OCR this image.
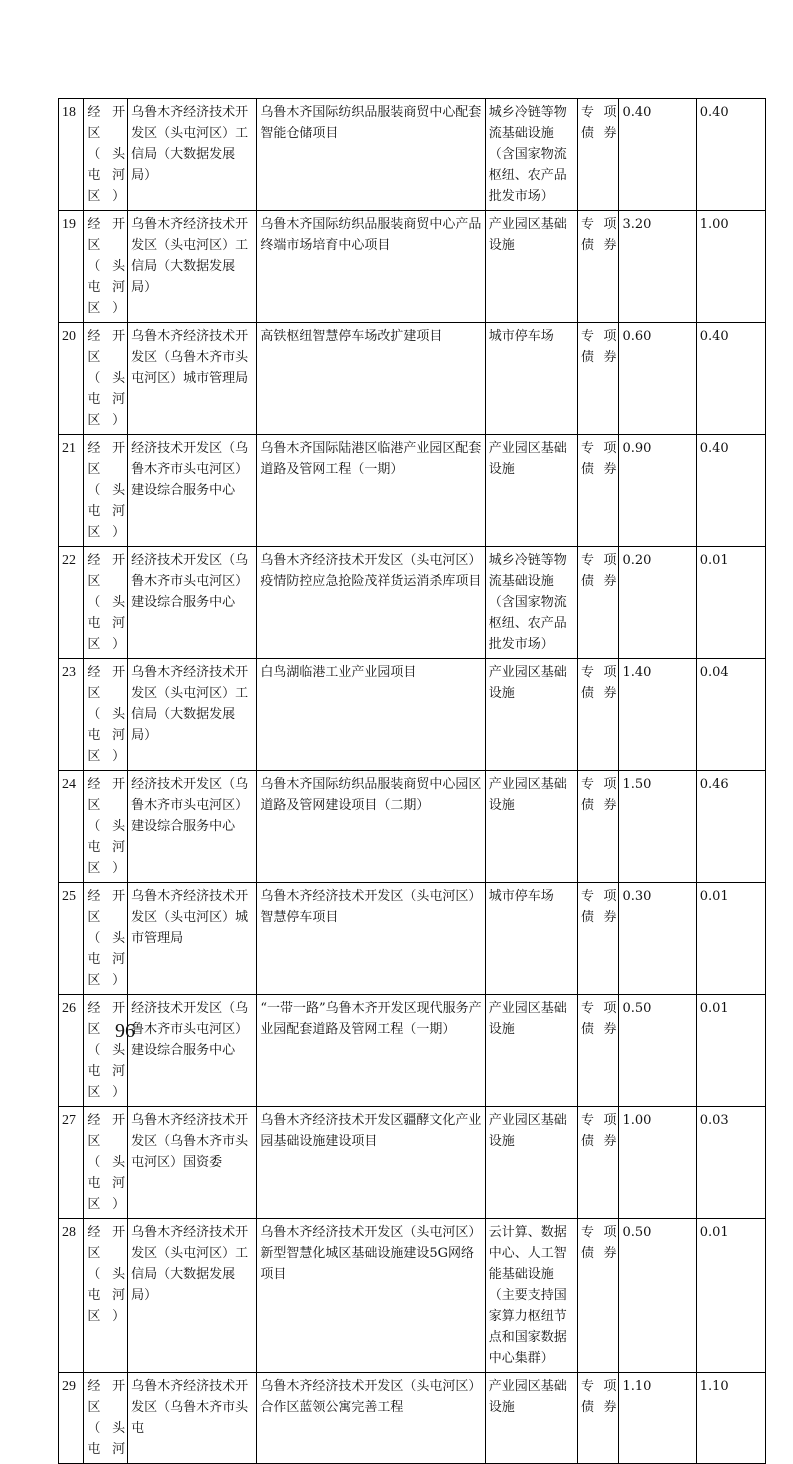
18	经开区（头屯河区）	乌鲁木齐经济技术开发区（头屯河区）工信局（大数据发展局）	乌鲁木齐国际纺织品服装商贸中心配套智能仓储项目	城乡冷链等物流基础设施（含国家物流枢纽、农产品批发市场）	专项债券	0.40	0.40
19	经开区（头屯河区）	乌鲁木齐经济技术开发区（头屯河区）工信局（大数据发展局）	乌鲁木齐国际纺织品服装商贸中心产品终端市场培育中心项目	产业园区基础设施	专项债券	3.20	1.00
20	经开区（头屯河区）	乌鲁木齐经济技术开发区（乌鲁木齐市头屯河区）城市管理局	高铁枢纽智慧停车场改扩建项目	城市停车场	专项债券	0.60	0.40
21	经开区（头屯河区）	经济技术开发区（乌鲁木齐市头屯河区）建设综合服务中心	乌鲁木齐国际陆港区临港产业园区配套道路及管网工程（一期）	产业园区基础设施	专项债券	0.90	0.40
22	经开区（头屯河区）	经济技术开发区（乌鲁木齐市头屯河区）建设综合服务中心	乌鲁木齐经济技术开发区（头屯河区）疫情防控应急抢险茂祥货运消杀库项目	城乡冷链等物流基础设施（含国家物流枢纽、农产品批发市场）	专项债券	0.20	0.01
23	经开区（头屯河区）	乌鲁木齐经济技术开发区（头屯河区）工信局（大数据发展局）	白鸟湖临港工业产业园项目	产业园区基础设施	专项债券	1.40	0.04
24	经开区（头屯河区）	经济技术开发区（乌鲁木齐市头屯河区）建设综合服务中心	乌鲁木齐国际纺织品服装商贸中心园区道路及管网建设项目（二期）	产业园区基础设施	专项债券	1.50	0.46
25	经开区（头屯河区）	乌鲁木齐经济技术开发区（头屯河区）城市管理局	乌鲁木齐经济技术开发区（头屯河区）智慧停车项目	城市停车场	专项债券	0.30	0.01
26	经开区（头屯河区）	经济技术开发区（乌鲁木齐市头屯河区）建设综合服务中心	“一带一路”乌鲁木齐开发区现代服务产业园配套道路及管网工程（一期）	产业园区基础设施	专项债券	0.50	0.01
27	经开区（头屯河区）	乌鲁木齐经济技术开发区（乌鲁木齐市头屯河区）国资委	乌鲁木齐经济技术开发区疆酵文化产业园基础设施建设项目	产业园区基础设施	专项债券	1.00	0.03
28	经开区（头屯河区）	乌鲁木齐经济技术开发区（头屯河区）工信局（大数据发展局）	乌鲁木齐经济技术开发区（头屯河区）新型智慧化城区基础设施建设5G网络项目	云计算、数据中心、人工智能基础设施（主要支持国家算力枢纽节点和国家数据中心集群）	专项债券	0.50	0.01
29	经开区（头屯河	乌鲁木齐经济技术开发区（乌鲁木齐市头屯	乌鲁木齐经济技术开发区（头屯河区）合作区蓝领公寓完善工程	产业园区基础设施	专项债券	1.10	1.10
96
